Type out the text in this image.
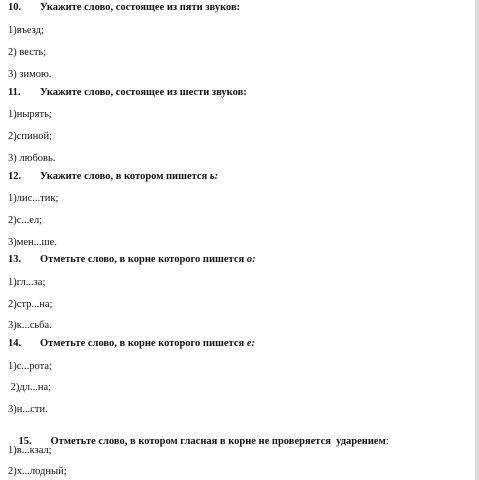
10. Укажите слово, состоящее из пяти звуков:
1)въезд;
2) весть;
3) зимою.
11. Укажите слово, состоящее из шести звуков:
1)нырять;
2)спиной;
3) любовь.
12. Укажите слово, в котором пишется ь:
1)лис...тик;
2)с...ел;
3)мен...ше.
13. Отметьте слово, в корне которого пишется о:
1)гл...за;
2)стр...на;
3)к...сьба.
14. Отметьте слово, в корне которого пишется е:
1)с...рота;
2)дл...на;
3)н...сти.

15. Отметьте слово, в котором гласная в корне не проверяется  ударением:

1)в...кзал;
2)х...лодный;
